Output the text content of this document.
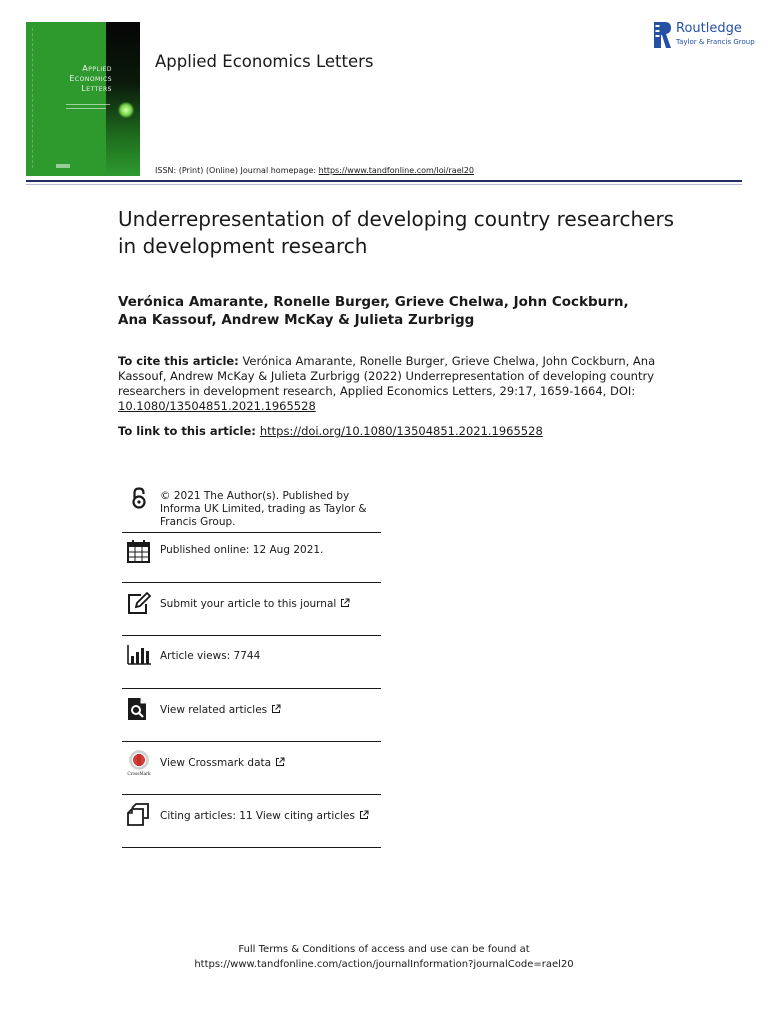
Applied
Economics
Letters
Applied Economics Letters
Routledge
Taylor & Francis Group
ISSN: (Print) (Online) Journal homepage: https://www.tandfonline.com/loi/rael20
Underrepresentation of developing country researchers in development research
Verónica Amarante, Ronelle Burger, Grieve Chelwa, John Cockburn, Ana Kassouf, Andrew McKay & Julieta Zurbrigg
To cite this article: Verónica Amarante, Ronelle Burger, Grieve Chelwa, John Cockburn, Ana Kassouf, Andrew McKay & Julieta Zurbrigg (2022) Underrepresentation of developing country researchers in development research, Applied Economics Letters, 29:17, 1659-1664, DOI: 10.1080/13504851.2021.1965528
To link to this article: https://doi.org/10.1080/13504851.2021.1965528
© 2021 The Author(s). Published by Informa UK Limited, trading as Taylor & Francis Group.
Published online: 12 Aug 2021.
Submit your article to this journal
Article views: 7744
View related articles
CrossMark
View Crossmark data
Citing articles: 11 View citing articles
Full Terms & Conditions of access and use can be found at
https://www.tandfonline.com/action/journalInformation?journalCode=rael20
